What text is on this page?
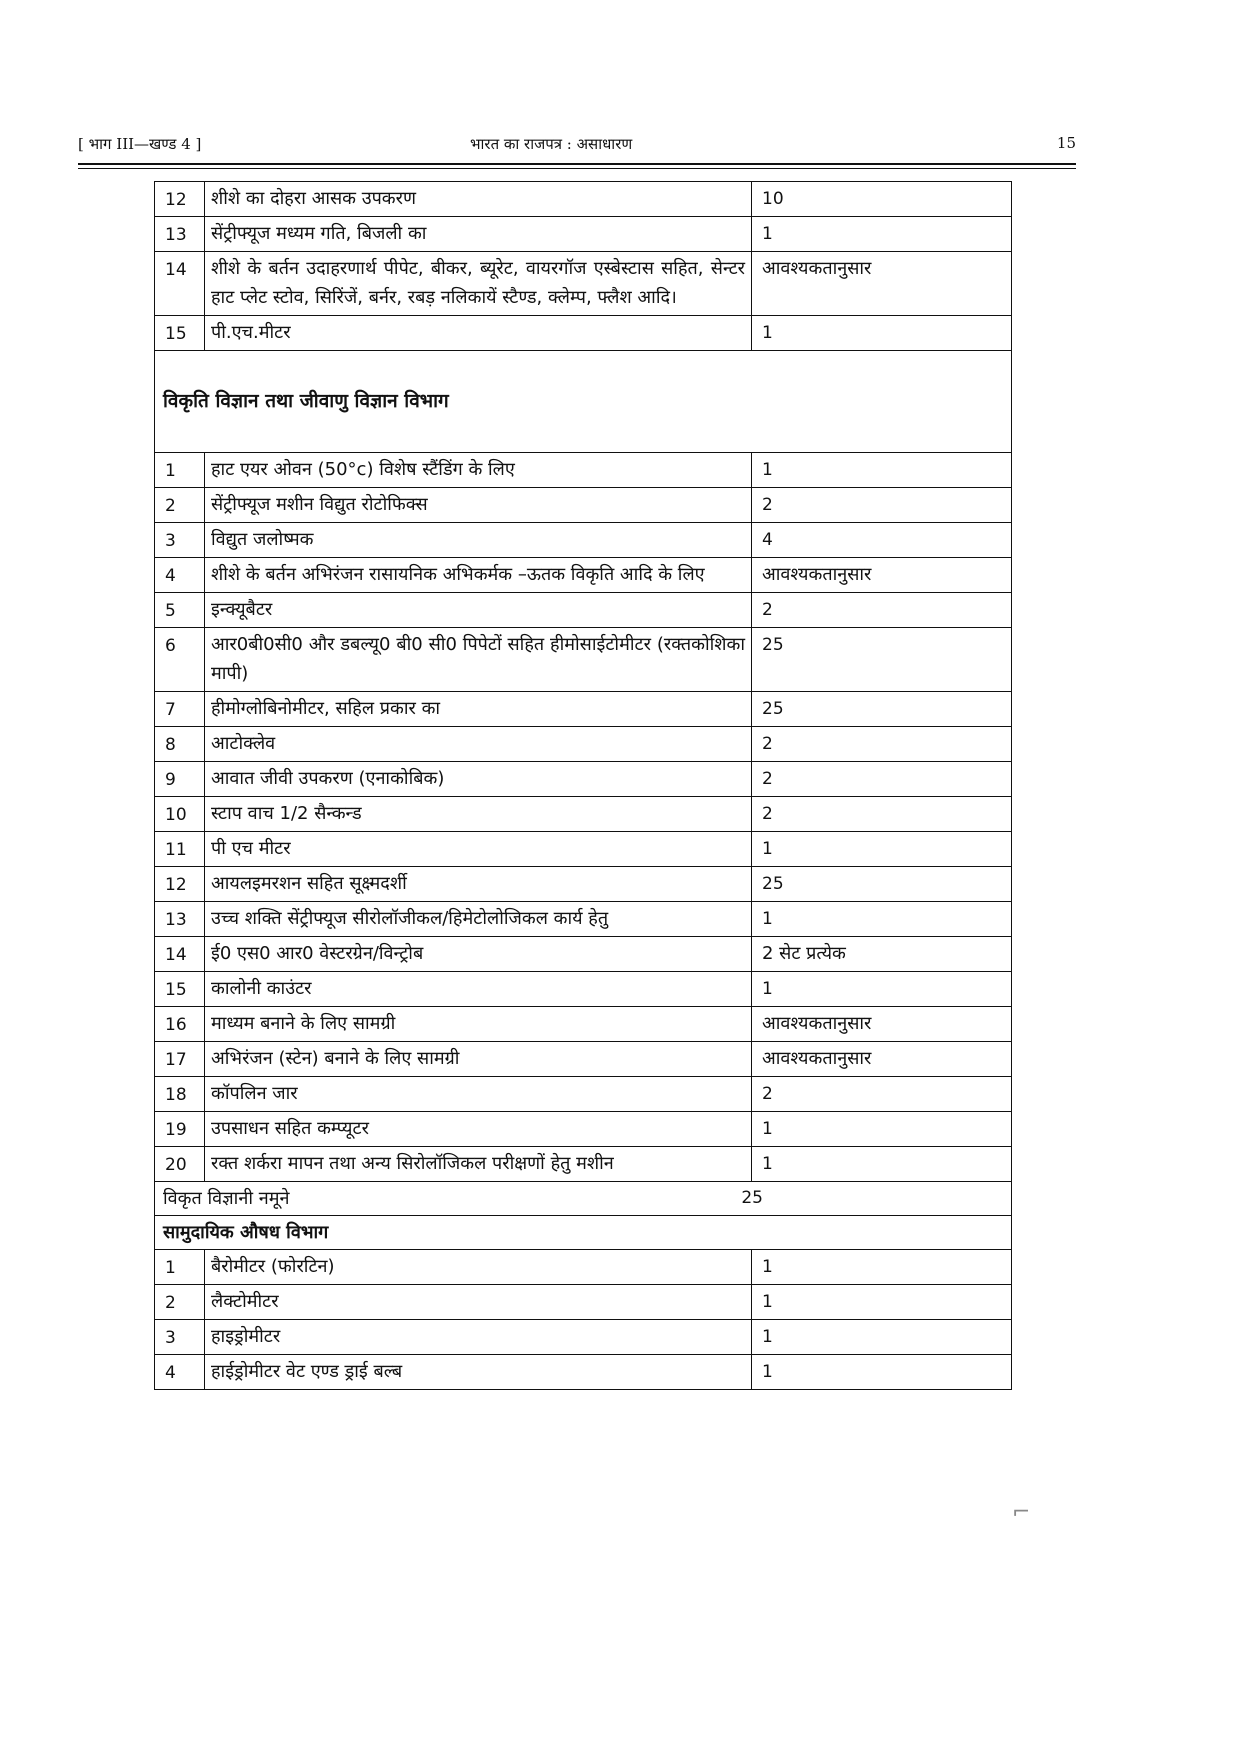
[ भाग III—खण्ड 4 ]	भारत का राजपत्र : असाधारण	15
12	शीशे का दोहरा आसक उपकरण	10
13	सेंट्रीफ्यूज मध्यम गति, बिजली का	1
14	शीशे के बर्तन उदाहरणार्थ पीपेट, बीकर, ब्यूरेट, वायरगॉज एस्बेस्टास सहित, सेन्टर हाट प्लेट स्टोव, सिरिंजें, बर्नर, रबड़ नलिकायें स्टैण्ड, क्लेम्प, फ्लैश आदि।	आवश्यकतानुसार
15	पी.एच.मीटर	1
विकृति विज्ञान तथा जीवाणु विज्ञान विभाग		
1	हाट एयर ओवन (50°c) विशेष स्टैंडिंग के लिए	1
2	सेंट्रीफ्यूज मशीन विद्युत रोटोफिक्स	2
3	विद्युत जलोष्मक	4
4	शीशे के बर्तन अभिरंजन रासायनिक अभिकर्मक –ऊतक विकृति आदि के लिए	आवश्यकतानुसार
5	इन्क्यूबैटर	2
6	आर0बी0सी0 और डबल्यू0 बी0 सी0 पिपेटों सहित हीमोसाईटोमीटर (रक्तकोशिका मापी)	25
7	हीमोग्लोबिनोमीटर, सहिल प्रकार का	25
8	आटोक्लेव	2
9	आवात जीवी उपकरण (एनाकोबिक)	2
10	स्टाप वाच 1/2 सैन्कन्ड	2
11	पी एच मीटर	1
12	आयलइमरशन सहित सूक्ष्मदर्शी	25
13	उच्च शक्ति सेंट्रीफ्यूज सीरोलॉजीकल/हिमेटोलोजिकल कार्य हेतु	1
14	ई0 एस0 आर0 वेस्टरग्रेन/विन्ट्रोब	2 सेट प्रत्येक
15	कालोनी काउंटर	1
16	माध्यम बनाने के लिए सामग्री	आवश्यकतानुसार
17	अभिरंजन (स्टेन) बनाने के लिए सामग्री	आवश्यकतानुसार
18	कॉपलिन जार	2
19	उपसाधन सहित कम्प्यूटर	1
20	रक्त शर्करा मापन तथा अन्य सिरोलॉजिकल परीक्षणों हेतु मशीन	1
विकृत विज्ञानी नमूने 25		

सामुदायिक औषध विभाग		
1	बैरोमीटर (फोरटिन)	1
2	लैक्टोमीटर	1
3	हाइड्रोमीटर	1
4	हाईड्रोमीटर वेट एण्ड ड्राई बल्ब	1
⌐
